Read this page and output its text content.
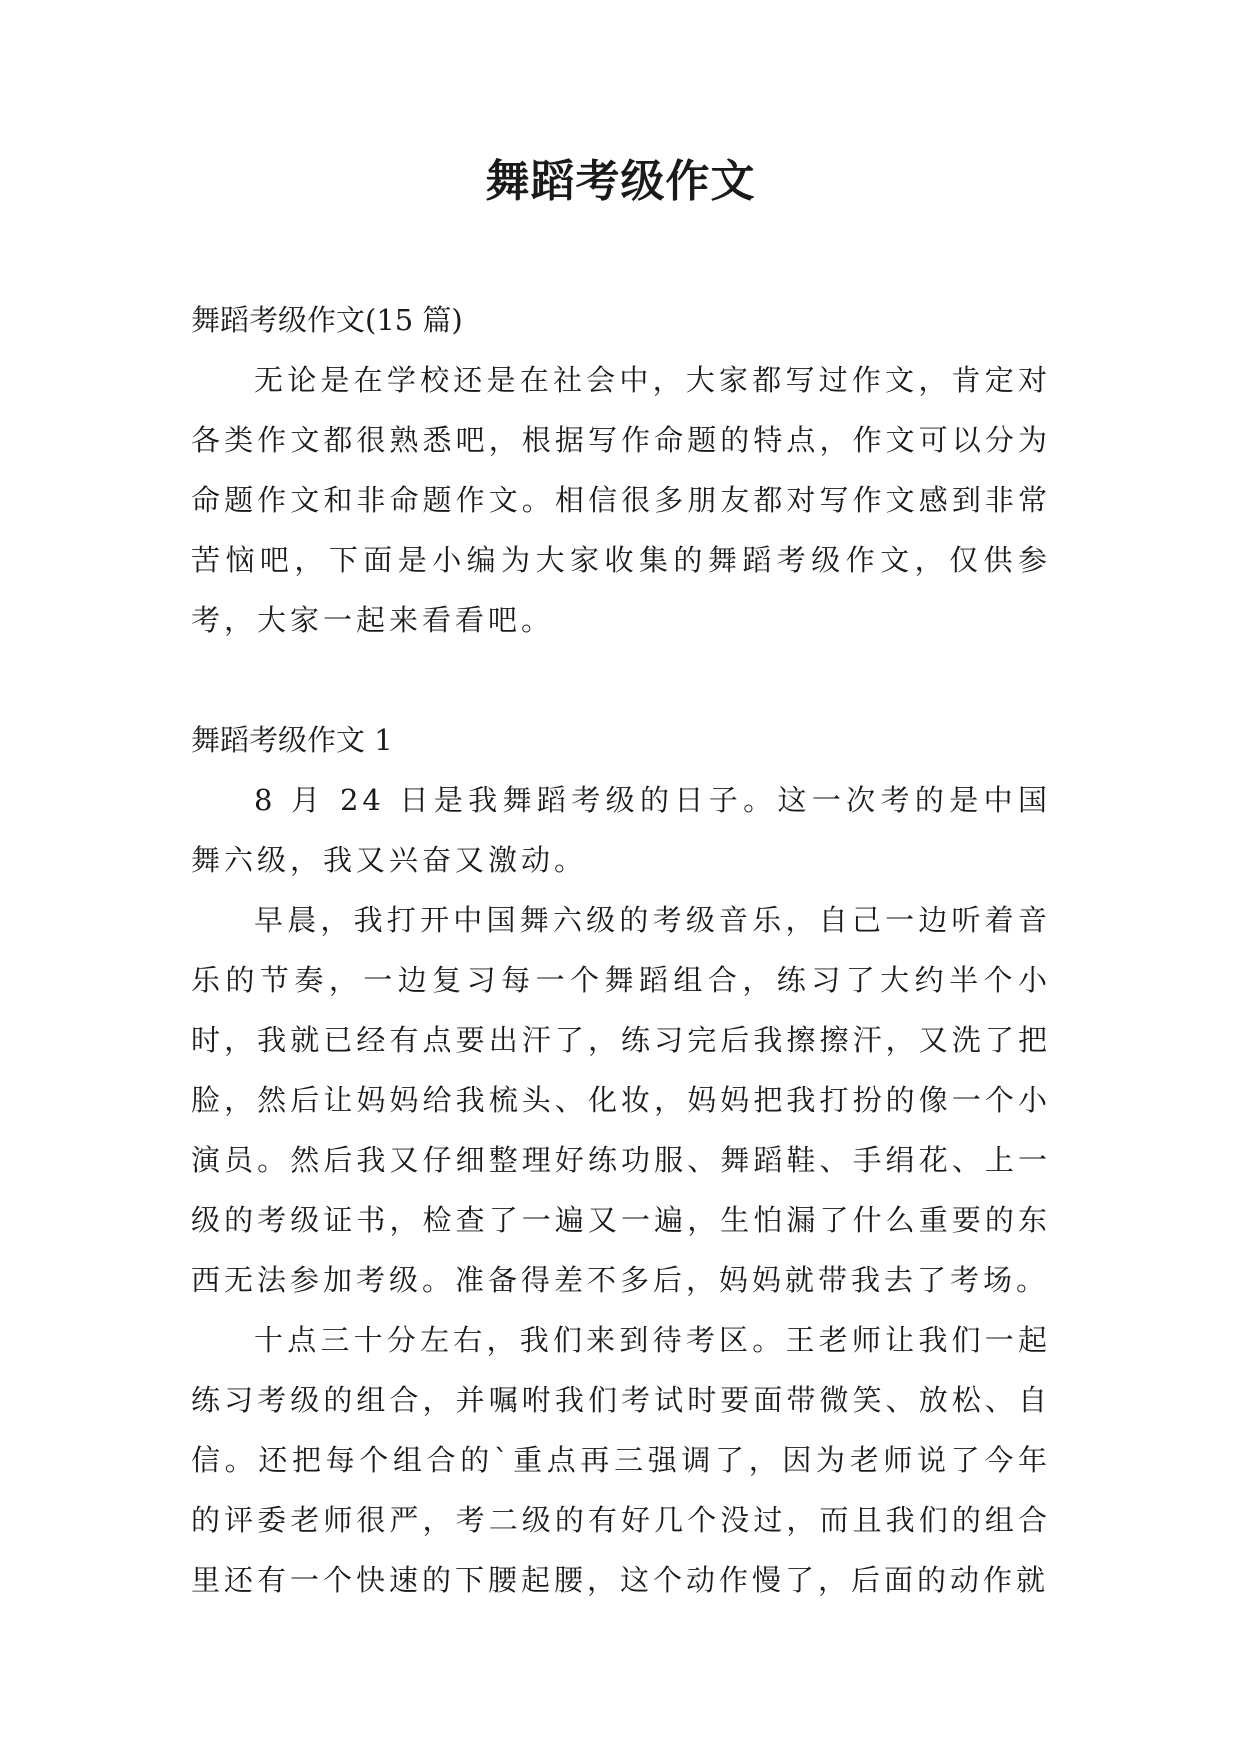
舞蹈考级作文

舞蹈考级作文(15 篇)

无论是在学校还是在社会中，大家都写过作文，肯定对各类作文都很熟悉吧，根据写作命题的特点，作文可以分为命题作文和非命题作文。相信很多朋友都对写作文感到非常苦恼吧，下面是小编为大家收集的舞蹈考级作文，仅供参考，大家一起来看看吧。

舞蹈考级作文 1

8 月 24 日是我舞蹈考级的日子。这一次考的是中国舞六级，我又兴奋又激动。

早晨，我打开中国舞六级的考级音乐，自己一边听着音乐的节奏，一边复习每一个舞蹈组合，练习了大约半个小时，我就已经有点要出汗了，练习完后我擦擦汗，又洗了把脸，然后让妈妈给我梳头、化妆，妈妈把我打扮的像一个小演员。然后我又仔细整理好练功服、舞蹈鞋、手绢花、上一级的考级证书，检查了一遍又一遍，生怕漏了什么重要的东西无法参加考级。准备得差不多后，妈妈就带我去了考场。

十点三十分左右，我们来到待考区。王老师让我们一起练习考级的组合，并嘱咐我们考试时要面带微笑、放松、自信。还把每个组合的`重点再三强调了，因为老师说了今年的评委老师很严，考二级的有好几个没过，而且我们的组合里还有一个快速的下腰起腰，这个动作慢了，后面的动作就
